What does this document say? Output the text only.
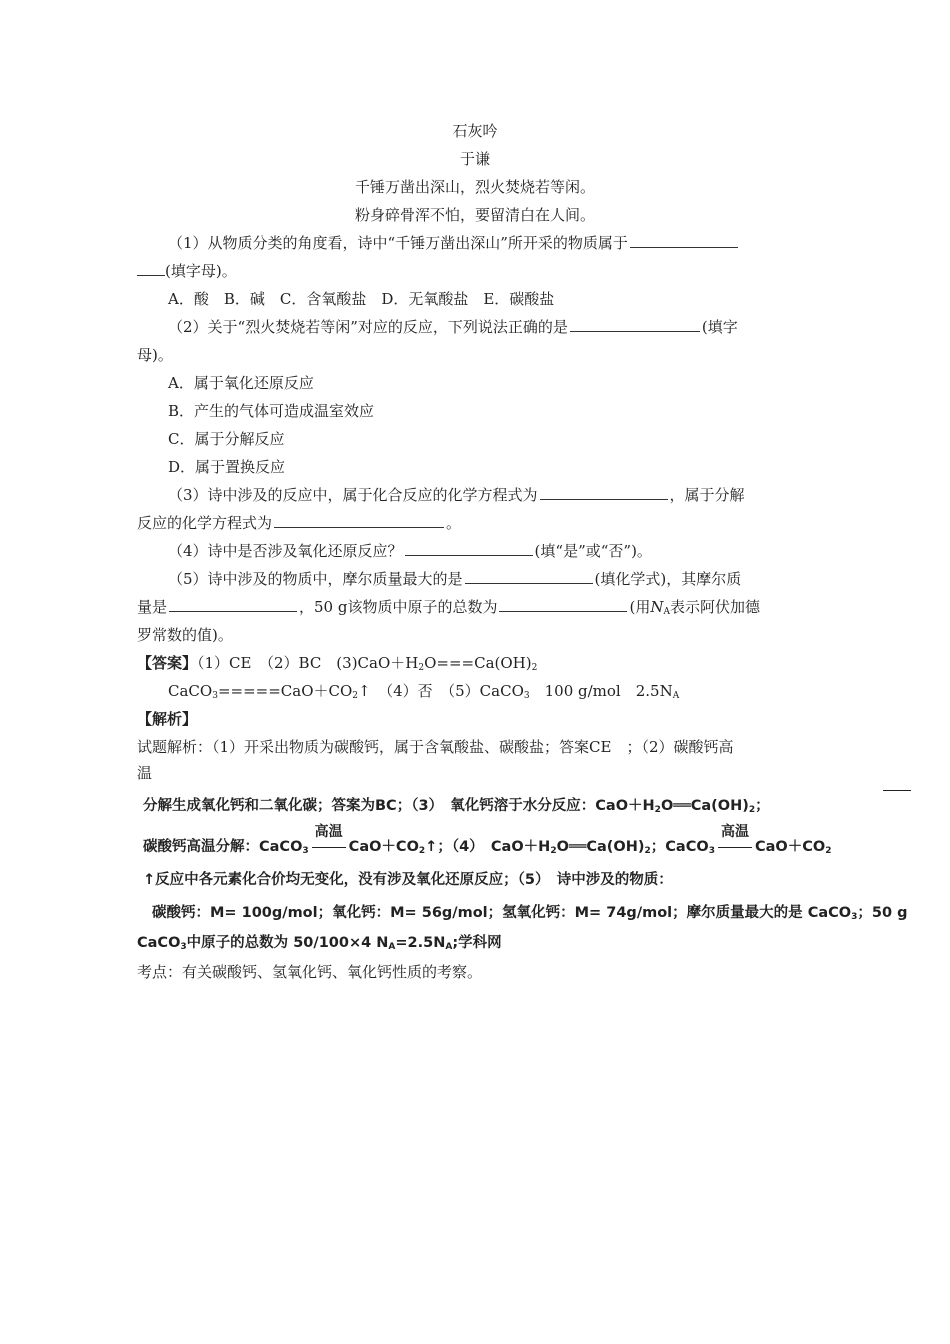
石灰吟
于谦
千锤万凿出深山，烈火焚烧若等闲。
粉身碎骨浑不怕，要留清白在人间。
（1）从物质分类的角度看，诗中“千锤万凿出深山”所开采的物质属于
(填字母)。
A．酸　B．碱　C．含氧酸盐　D．无氧酸盐　E．碳酸盐
（2）关于“烈火焚烧若等闲”对应的反应，下列说法正确的是	(填字
母)。
A．属于氧化还原反应
B．产生的气体可造成温室效应
C．属于分解反应
D．属于置换反应
（3）诗中涉及的反应中，属于化合反应的化学方程式为	，属于分解
反应的化学方程式为	。
（4）诗中是否涉及氧化还原反应？	(填“是”或“否”)。
（5）诗中涉及的物质中，摩尔质量最大的是	(填化学式)，其摩尔质
量是	，50 g该物质中原子的总数为	(用$N_A$表示阿伏加德
罗常数的值)。
【答案】（1）CE　（2）BC　$(3)CaO+H_2O===Ca(OH)_2$
$CaCO_3=====CaO+CO_2↑$　（4）否　（5）CaCO$_3$　100 g/mol　$2.5N_A$
【解析】
试题解析：（1）开采出物质为碳酸钙，属于含氧酸盐、碳酸盐；答案CE　；（2）碳酸钙高
温
分解生成氧化钙和二氧化碳；答案为BC；（3）　氧化钙溶于水分反应：$CaO+H_2O══Ca(OH)_2$；
碳酸钙高温分解：CaCO$_3$
高温
$CaO+CO_2↑$；（4）　$CaO+H_2O══Ca(OH)_2$；CaCO$_3$
高温
$CaO+CO_2$
↑反应中各元素化合价均无变化，没有涉及氧化还原反应；（5）　诗中涉及的物质：
碳酸钙：M= 100g/mol；氧化钙：M= 56g/mol；氢氧化钙：M= 74g/mol；摩尔质量最大的是 CaCO$_3$；50 g
CaCO$_3$中原子的总数为 50/100×4 $N_A=2.5N_A$;学科网
考点：有关碳酸钙、氢氧化钙、氧化钙性质的考察。
